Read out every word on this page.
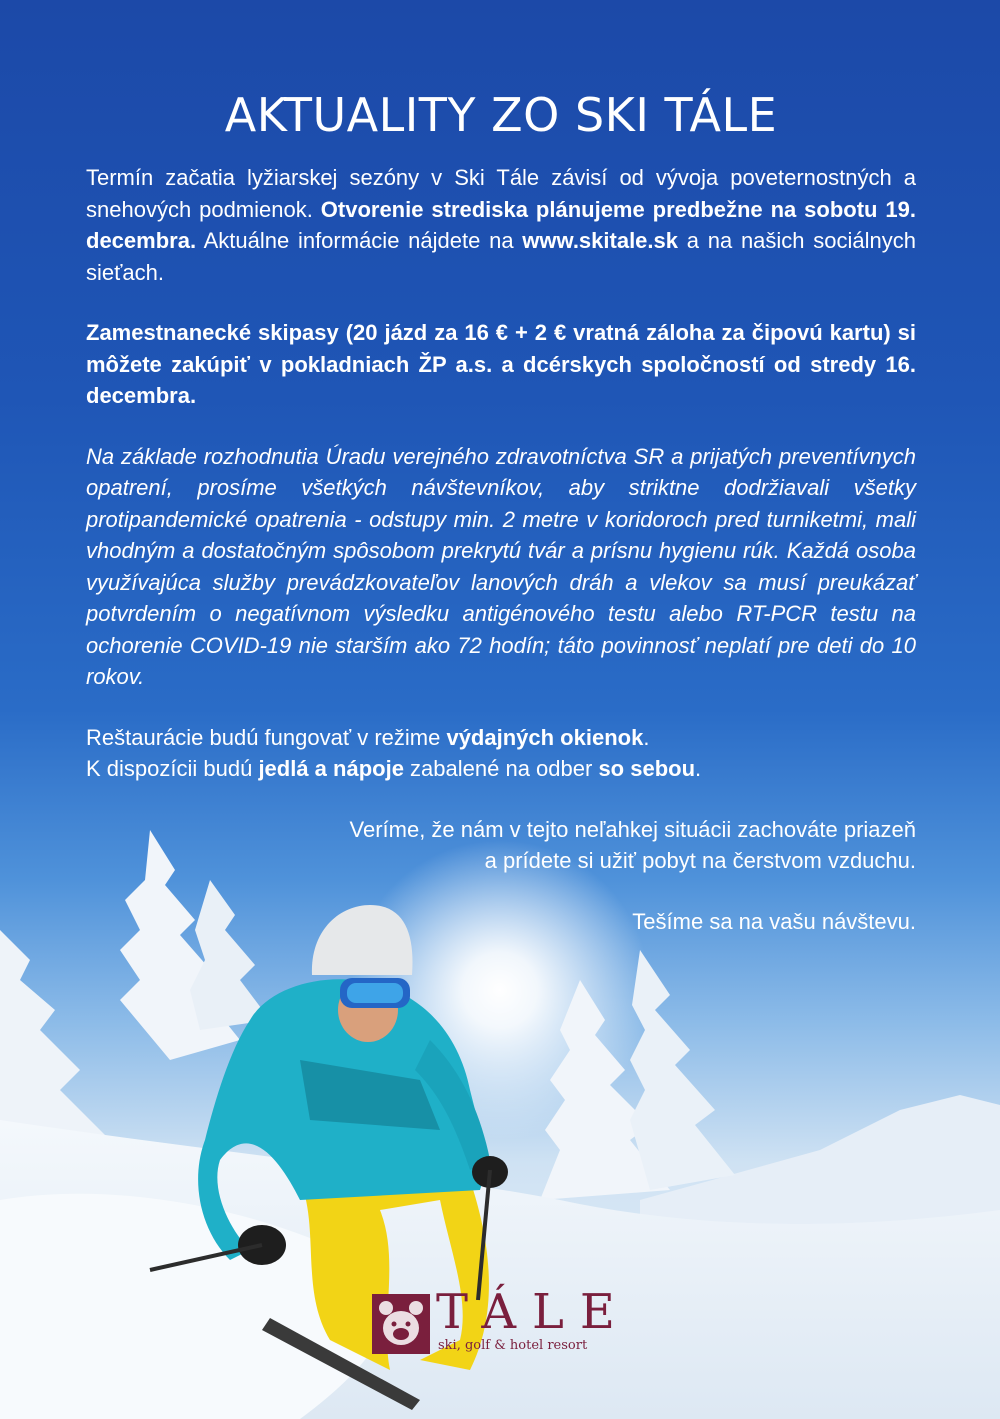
AKTUALITY ZO SKI TÁLE

Termín začatia lyžiarskej sezóny v Ski Tále závisí od vývoja poveternostných a snehových podmienok. Otvorenie strediska plánujeme predbežne na sobotu 19. decembra. Aktuálne informácie nájdete na www.skitale.sk a na našich sociálnych sieťach.

Zamestnanecké skipasy (20 jázd za 16 € + 2 € vratná záloha za čipovú kartu) si môžete zakúpiť v pokladniach ŽP a.s. a dcérskych spoločností od stredy 16. decembra.

Na základe rozhodnutia Úradu verejného zdravotníctva SR a prijatých preventívnych opatrení, prosíme všetkých návštevníkov, aby striktne dodržiavali všetky protipandemické opatrenia - odstupy min. 2 metre v koridoroch pred turniketmi, mali vhodným a dostatočným spôsobom prekrytú tvár a prísnu hygienu rúk. Každá osoba využívajúca služby prevádzkovateľov lanových dráh a vlekov sa musí preukázať potvrdením o negatívnom výsledku antigénového testu alebo RT-PCR testu na ochorenie COVID-19 nie starším ako 72 hodín; táto povinnosť neplatí pre deti do 10 rokov.

Reštaurácie budú fungovať v režime výdajných okienok.
K dispozícii budú jedlá a nápoje zabalené na odber so sebou.

Veríme, že nám v tejto neľahkej situácii zachováte priazeň
a prídete si užiť pobyt na čerstvom vzduchu.

Tešíme sa na vašu návštevu.

TÁLE
ski, golf & hotel resort
